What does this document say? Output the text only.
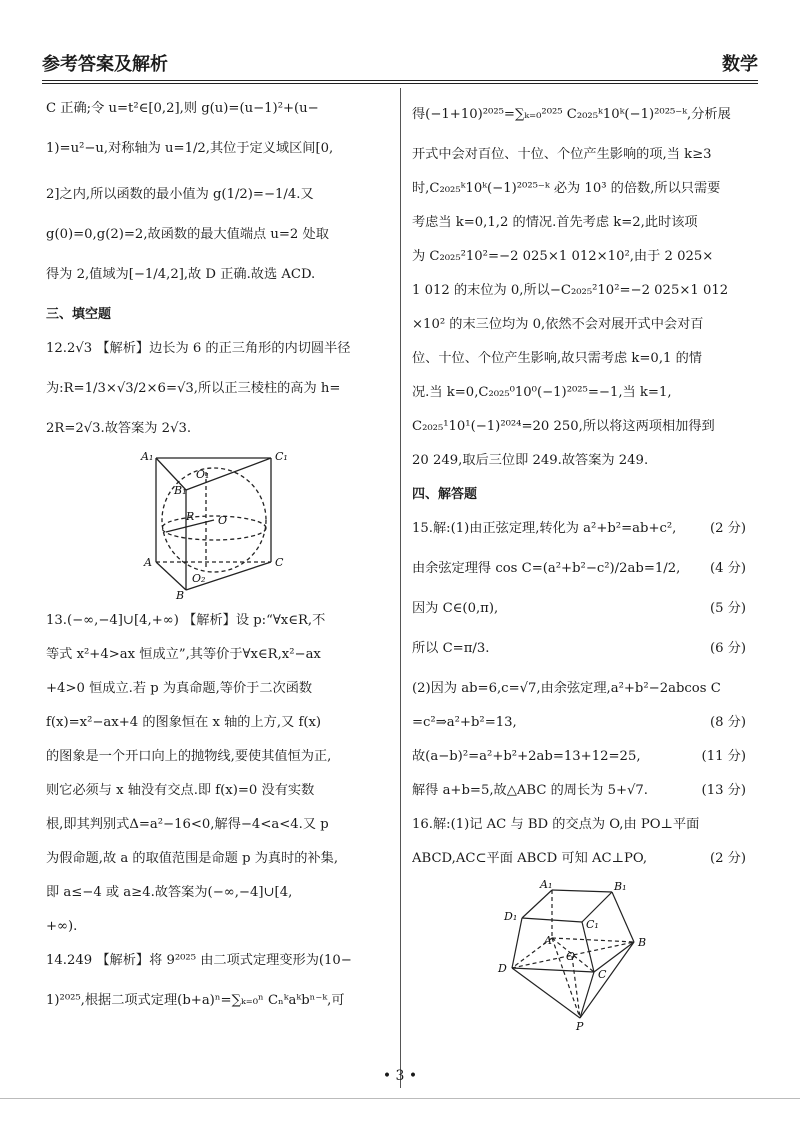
参考答案及解析	数学
C 正确;令 u=t²∈[0,2],则 g(u)=(u−1)²+(u−
1)=u²−u,对称轴为 u=1/2,其位于定义域区间[0,
2]之内,所以函数的最小值为 g(1/2)=−1/4.又
g(0)=0,g(2)=2,故函数的最大值端点 u=2 处取
得为 2,值域为[−1/4,2],故 D 正确.故选 ACD.
三、填空题
12.2√3 【解析】边长为 6 的正三角形的内切圆半径
为:R=1/3×√3/2×6=√3,所以正三棱柱的高为 h=
2R=2√3.故答案为 2√3.
A₁	C₁
O₁
B₁
R O
A	C
O₂
B
13.(−∞,−4]∪[4,+∞) 【解析】设 p:“∀x∈R,不
等式 x²+4>ax 恒成立”,其等价于∀x∈R,x²−ax
+4>0 恒成立.若 p 为真命题,等价于二次函数
f(x)=x²−ax+4 的图象恒在 x 轴的上方,又 f(x)
的图象是一个开口向上的抛物线,要使其值恒为正,
则它必须与 x 轴没有交点.即 f(x)=0 没有实数
根,即其判别式Δ=a²−16<0,解得−4<a<4.又 p
为假命题,故 a 的取值范围是命题 p 为真时的补集,
即 a≤−4 或 a≥4.故答案为(−∞,−4]∪[4,
+∞).
14.249 【解析】将 9²⁰²⁵ 由二项式定理变形为(10−
1)²⁰²⁵,根据二项式定理(b+a)ⁿ=∑ₖ₌₀ⁿ Cₙᵏaᵏbⁿ⁻ᵏ,可
得(−1+10)²⁰²⁵=∑ₖ₌₀²⁰²⁵ C₂₀₂₅ᵏ10ᵏ(−1)²⁰²⁵⁻ᵏ,分析展
开式中会对百位、十位、个位产生影响的项,当 k≥3
时,C₂₀₂₅ᵏ10ᵏ(−1)²⁰²⁵⁻ᵏ 必为 10³ 的倍数,所以只需要
考虑当 k=0,1,2 的情况.首先考虑 k=2,此时该项
为 C₂₀₂₅²10²=−2 025×1 012×10²,由于 2 025×
1 012 的末位为 0,所以−C₂₀₂₅²10²=−2 025×1 012
×10² 的末三位均为 0,依然不会对展开式中会对百
位、十位、个位产生影响,故只需考虑 k=0,1 的情
况.当 k=0,C₂₀₂₅⁰10⁰(−1)²⁰²⁵=−1,当 k=1,
C₂₀₂₅¹10¹(−1)²⁰²⁴=20 250,所以将这两项相加得到
20 249,取后三位即 249.故答案为 249.
四、解答题
15.解:(1)由正弦定理,转化为 a²+b²=ab+c²,	(2 分)
由余弦定理得 cos C=(a²+b²−c²)/2ab=1/2, (4 分)
因为 C∈(0,π),	(5 分)
所以 C=π/3.	(6 分)
(2)因为 ab=6,c=√7,由余弦定理,a²+b²−2abcos C
=c²⇒a²+b²=13,	(8 分)
故(a−b)²=a²+b²+2ab=13+12=25,	(11 分)
解得 a+b=5,故△ABC 的周长为 5+√7.	(13 分)
16.解:(1)记 AC 与 BD 的交点为 O,由 PO⊥平面
ABCD,AC⊂平面 ABCD 可知 AC⊥PO,	(2 分)
A₁	B₁
D₁
C₁
A
O
B
D	C
P
• 3 •
